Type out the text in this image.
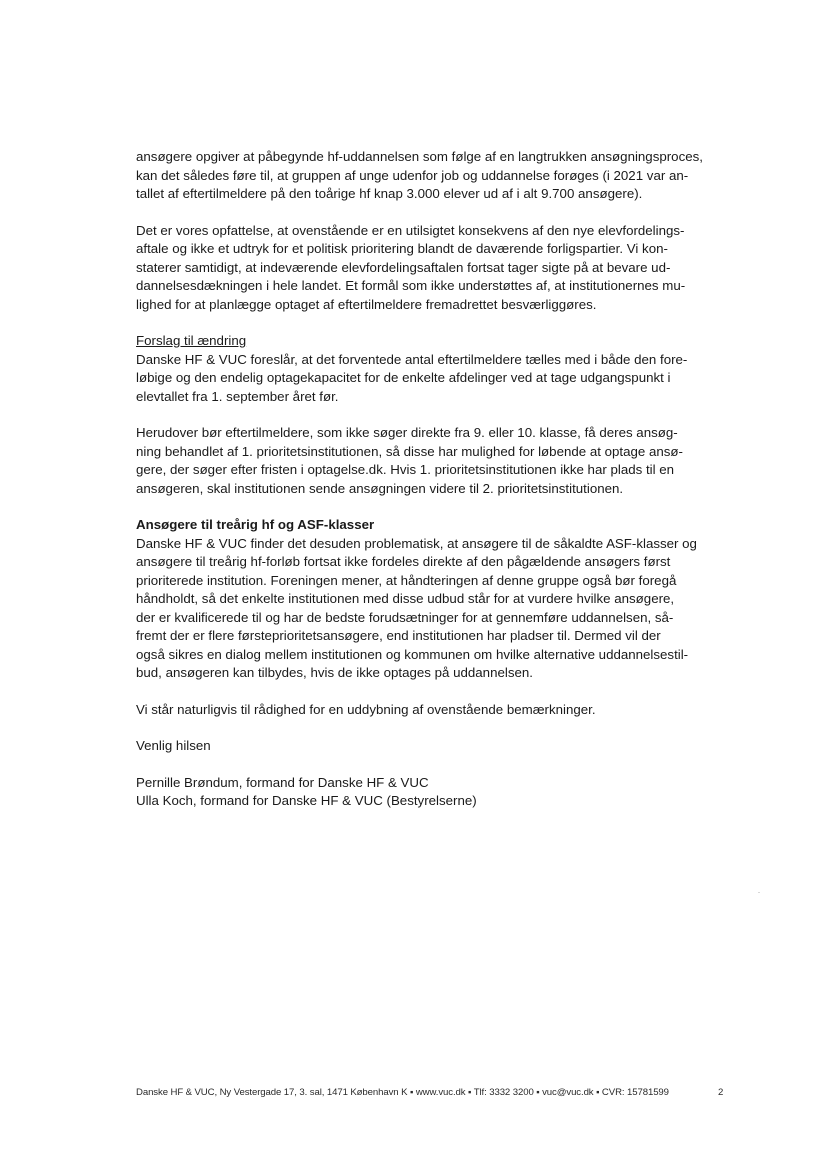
ansøgere opgiver at påbegynde hf-uddannelsen som følge af en langtrukken ansøgningsproces,
kan det således føre til, at gruppen af unge udenfor job og uddannelse forøges (i 2021 var an-
tallet af eftertilmeldere på den toårige hf knap 3.000 elever ud af i alt 9.700 ansøgere).
Det er vores opfattelse, at ovenstående er en utilsigtet konsekvens af den nye elevfordelings-
aftale og ikke et udtryk for et politisk prioritering blandt de daværende forligspartier. Vi kon-
staterer samtidigt, at indeværende elevfordelingsaftalen fortsat tager sigte på at bevare ud-
dannelsesdækningen i hele landet. Et formål som ikke understøttes af, at institutionernes mu-
lighed for at planlægge optaget af eftertilmeldere fremadrettet besværliggøres.
Forslag til ændring
Danske HF & VUC foreslår, at det forventede antal eftertilmeldere tælles med i både den fore-
løbige og den endelig optagekapacitet for de enkelte afdelinger ved at tage udgangspunkt i
elevtallet fra 1. september året før.
Herudover bør eftertilmeldere, som ikke søger direkte fra 9. eller 10. klasse, få deres ansøg-
ning behandlet af 1. prioritetsinstitutionen, så disse har mulighed for løbende at optage ansø-
gere, der søger efter fristen i optagelse.dk. Hvis 1. prioritetsinstitutionen ikke har plads til en
ansøgeren, skal institutionen sende ansøgningen videre til 2. prioritetsinstitutionen.
Ansøgere til treårig hf og ASF-klasser
Danske HF & VUC finder det desuden problematisk, at ansøgere til de såkaldte ASF-klasser og
ansøgere til treårig hf-forløb fortsat ikke fordeles direkte af den pågældende ansøgers først
prioriterede institution. Foreningen mener, at håndteringen af denne gruppe også bør foregå
håndholdt, så det enkelte institutionen med disse udbud står for at vurdere hvilke ansøgere,
der er kvalificerede til og har de bedste forudsætninger for at gennemføre uddannelsen, så-
fremt der er flere førsteprioritetsansøgere, end institutionen har pladser til. Dermed vil der
også sikres en dialog mellem institutionen og kommunen om hvilke alternative uddannelsestil-
bud, ansøgeren kan tilbydes, hvis de ikke optages på uddannelsen.
Vi står naturligvis til rådighed for en uddybning af ovenstående bemærkninger.
Venlig hilsen
Pernille Brøndum, formand for Danske HF & VUC
Ulla Koch, formand for Danske HF & VUC (Bestyrelserne)
Danske HF & VUC, Ny Vestergade 17, 3. sal, 1471 København K ▪ www.vuc.dk ▪ Tlf: 3332 3200 ▪ vuc@vuc.dk ▪ CVR: 15781599	2
